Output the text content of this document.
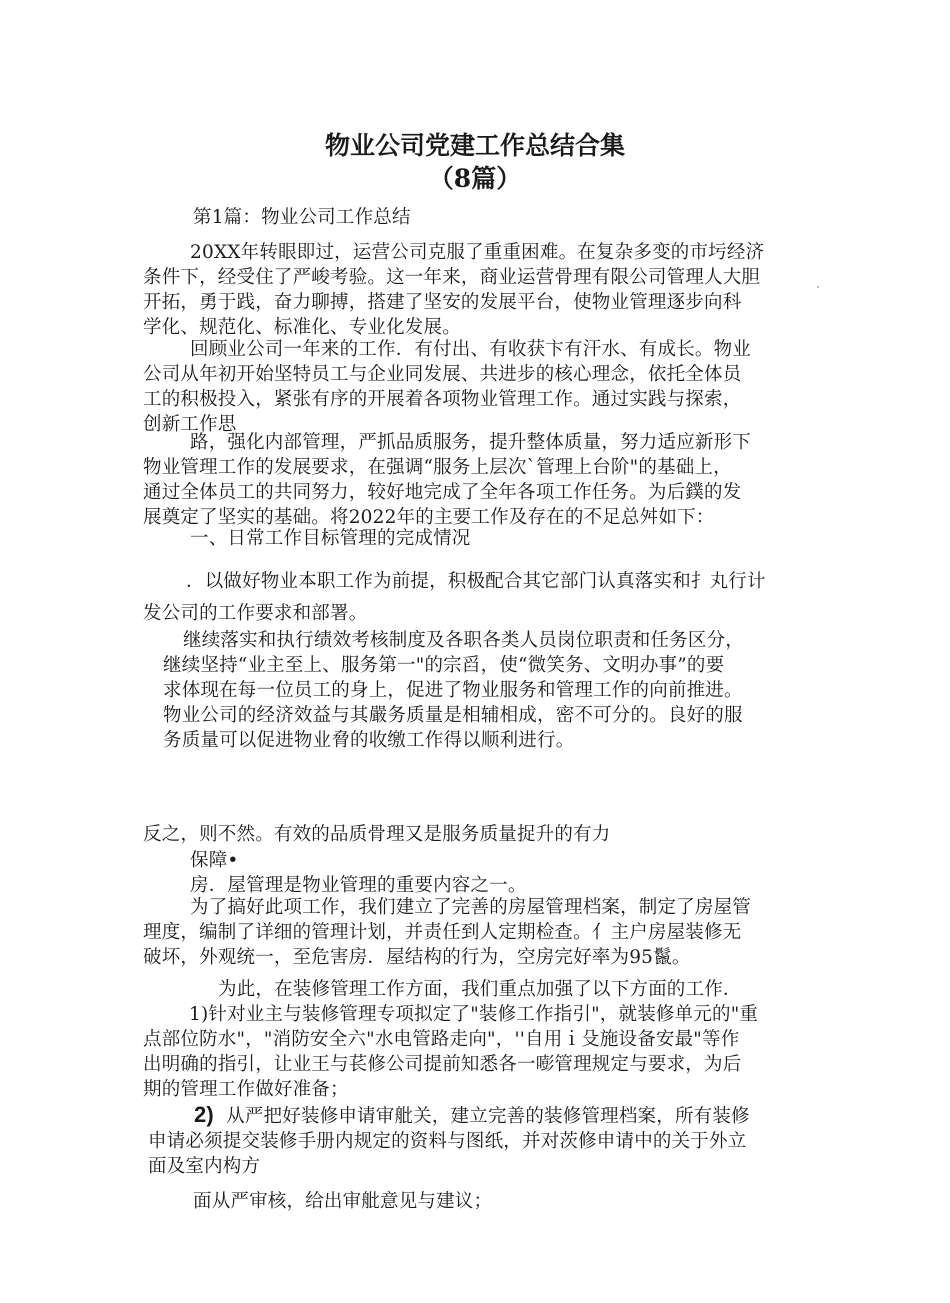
物业公司党建工作总结合集
（8篇）

第1篇：物业公司工作总结

20XX年转眼即过，运营公司克服了重重困难。在复杂多变的市圬经济
条件下，经受住了严峻考验。这一年来，商业运营骨理有限公司管理人大胆
开拓，勇于践，奋力聊搏，搭建了坚安的发展平台，使物业管理逐步向科
学化、规范化、标准化、专业化发展。
回顾业公司一年来的工作．有付出、有收获卞有汗水、有成长。物业
公司从年初开始坚特员工与企业同发展、共进步的核心理念，依托全体员
工的积极投入，紧张有序的开展着各项物业管理工作。通过实践与探索，
创新工作思
路，强化内部管理，严抓品质服务，提升整体质量，努力适应新形下
物业管理工作的发展要求，在强调“服务上层次`管理上台阶"的基础上，
通过全体员工的共同努力，较好地完成了全年各项工作任务。为后鏷的发
展奠定了坚实的基础。将2022年的主要工作及存在的不足总舛如下：

一、日常工作目标管理的完成情况

．以做好物业本职工作为前提，积极配合其它部门认真落实和扌丸行计
发公司的工作要求和部署。
继续落实和执行绩效考核制度及各职各类人员岗位职责和任务区分，
继续坚持“业主至上、服务第一"的宗舀，使“微笑务、文明办事”的要
求体现在每一位员工的身上，促进了物业服务和管理工作的向前推进。
物业公司的经济效益与其嚴务质量是相辅相成，密不可分的。良好的服
务质量可以促进物业脅的收缴工作得以顺利进行。

反之，则不然。有效的品质骨理又是服务质量捉升的有力

保障•

房．屋管理是物业管理的重要内容之一。

为了搞好此项工作，我们建立了完善的房屋管理档案，制定了房屋管
理度，编制了详细的管理计划，并责任到人定期检查。亻主户房屋装修无
破坏，外观统一，至危害房．屋结构的行为，空房完好率为95鬣。

为此，在装修管理工作方面，我们重点加强了以下方面的工作．

1)针对业主与装修管理专项拟定了"装修工作指引"，就装修单元的"重
点部位防水"，"消防安全六"水电管路走向"，''自用ｉ殳施设备安最"等作
出明确的指引，让业王与苌修公司提前知悉各一嘭管理规定与要求，为后
期的管理工作做好准备；
2) 从严把好装修申请审舭关，建立完善的装修管理档案，所有装修
申请必须提交装修手册内规定的资料与图纸，并对茨修申请中的关于外立
面及室内构方

面从严审核，给出审舭意见与建议；
